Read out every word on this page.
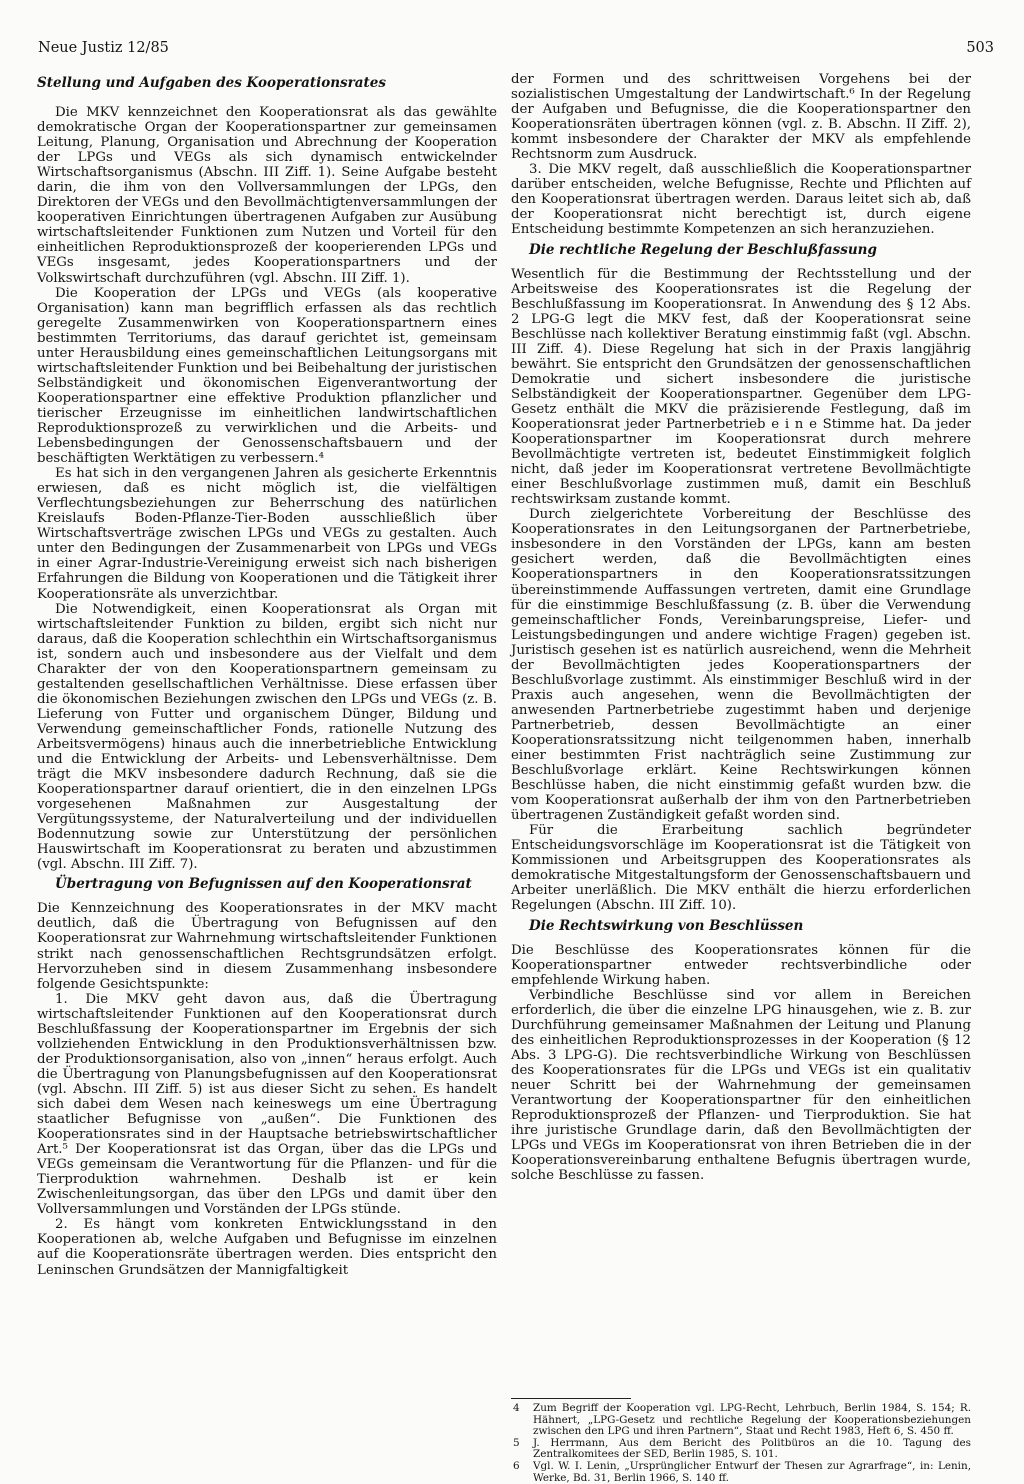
Neue Justiz 12/85	503
Stellung und Aufgaben des Kooperationsrates

Die MKV kennzeichnet den Kooperationsrat als das gewählte demokratische Organ der Kooperationspartner zur gemeinsamen Leitung, Planung, Organisation und Abrechnung der Kooperation der LPGs und VEGs als sich dynamisch entwickelnder Wirtschaftsorganismus (Abschn. III Ziff. 1). Seine Aufgabe besteht darin, die ihm von den Vollversammlungen der LPGs, den Direktoren der VEGs und den Bevollmächtigtenversammlungen der kooperativen Einrichtungen übertragenen Aufgaben zur Ausübung wirtschaftsleitender Funktionen zum Nutzen und Vorteil für den einheitlichen Reproduktionsprozeß der kooperierenden LPGs und VEGs insgesamt, jedes Kooperationspartners und der Volkswirtschaft durchzuführen (vgl. Abschn. III Ziff. 1).

Die Kooperation der LPGs und VEGs (als kooperative Organisation) kann man begrifflich erfassen als das rechtlich geregelte Zusammenwirken von Kooperationspartnern eines bestimmten Territoriums, das darauf gerichtet ist, gemeinsam unter Herausbildung eines gemeinschaftlichen Leitungsorgans mit wirtschaftsleitender Funktion und bei Beibehaltung der juristischen Selbständigkeit und ökonomischen Eigenverantwortung der Kooperationspartner eine effektive Produktion pflanzlicher und tierischer Erzeugnisse im einheitlichen landwirtschaftlichen Reproduktionsprozeß zu verwirklichen und die Arbeits- und Lebensbedingungen der Genossenschaftsbauern und der beschäftigten Werktätigen zu verbessern.⁴

Es hat sich in den vergangenen Jahren als gesicherte Erkenntnis erwiesen, daß es nicht möglich ist, die vielfältigen Verflechtungsbeziehungen zur Beherrschung des natürlichen Kreislaufs Boden-Pflanze-Tier-Boden ausschließlich über Wirtschaftsverträge zwischen LPGs und VEGs zu gestalten. Auch unter den Bedingungen der Zusammenarbeit von LPGs und VEGs in einer Agrar-Industrie-Vereinigung erweist sich nach bisherigen Erfahrungen die Bildung von Kooperationen und die Tätigkeit ihrer Kooperationsräte als unverzichtbar.

Die Notwendigkeit, einen Kooperationsrat als Organ mit wirtschaftsleitender Funktion zu bilden, ergibt sich nicht nur daraus, daß die Kooperation schlechthin ein Wirtschaftsorganismus ist, sondern auch und insbesondere aus der Vielfalt und dem Charakter der von den Kooperationspartnern gemeinsam zu gestaltenden gesellschaftlichen Verhältnisse. Diese erfassen über die ökonomischen Beziehungen zwischen den LPGs und VEGs (z. B. Lieferung von Futter und organischem Dünger, Bildung und Verwendung gemeinschaftlicher Fonds, rationelle Nutzung des Arbeitsvermögens) hinaus auch die innerbetriebliche Entwicklung und die Entwicklung der Arbeits- und Lebensverhältnisse. Dem trägt die MKV insbesondere dadurch Rechnung, daß sie die Kooperationspartner darauf orientiert, die in den einzelnen LPGs vorgesehenen Maßnahmen zur Ausgestaltung der Vergütungssysteme, der Naturalverteilung und der individuellen Bodennutzung sowie zur Unterstützung der persönlichen Hauswirtschaft im Kooperationsrat zu beraten und abzustimmen (vgl. Abschn. III Ziff. 7).

Übertragung von Befugnissen auf den Kooperationsrat

Die Kennzeichnung des Kooperationsrates in der MKV macht deutlich, daß die Übertragung von Befugnissen auf den Kooperationsrat zur Wahrnehmung wirtschaftsleitender Funktionen strikt nach genossenschaftlichen Rechtsgrundsätzen erfolgt. Hervorzuheben sind in diesem Zusammenhang insbesondere folgende Gesichtspunkte:

1. Die MKV geht davon aus, daß die Übertragung wirtschaftsleitender Funktionen auf den Kooperationsrat durch Beschlußfassung der Kooperationspartner im Ergebnis der sich vollziehenden Entwicklung in den Produktionsverhältnissen bzw. der Produktionsorganisation, also von „innen“ heraus erfolgt. Auch die Übertragung von Planungsbefugnissen auf den Kooperationsrat (vgl. Abschn. III Ziff. 5) ist aus dieser Sicht zu sehen. Es handelt sich dabei dem Wesen nach keineswegs um eine Übertragung staatlicher Befugnisse von „außen“. Die Funktionen des Kooperationsrates sind in der Hauptsache betriebswirtschaftlicher Art.⁵ Der Kooperationsrat ist das Organ, über das die LPGs und VEGs gemeinsam die Verantwortung für die Pflanzen- und für die Tierproduktion wahrnehmen. Deshalb ist er kein Zwischenleitungsorgan, das über den LPGs und damit über den Vollversammlungen und Vorständen der LPGs stünde.

2. Es hängt vom konkreten Entwicklungsstand in den Kooperationen ab, welche Aufgaben und Befugnisse im einzelnen auf die Kooperationsräte übertragen werden. Dies entspricht den Leninschen Grundsätzen der Mannigfaltigkeit

der Formen und des schrittweisen Vorgehens bei der sozialistischen Umgestaltung der Landwirtschaft.⁶ In der Regelung der Aufgaben und Befugnisse, die die Kooperationspartner den Kooperationsräten übertragen können (vgl. z. B. Abschn. II Ziff. 2), kommt insbesondere der Charakter der MKV als empfehlende Rechtsnorm zum Ausdruck.

3. Die MKV regelt, daß ausschließlich die Kooperationspartner darüber entscheiden, welche Befugnisse, Rechte und Pflichten auf den Kooperationsrat übertragen werden. Daraus leitet sich ab, daß der Kooperationsrat nicht berechtigt ist, durch eigene Entscheidung bestimmte Kompetenzen an sich heranzuziehen.

Die rechtliche Regelung der Beschlußfassung

Wesentlich für die Bestimmung der Rechtsstellung und der Arbeitsweise des Kooperationsrates ist die Regelung der Beschlußfassung im Kooperationsrat. In Anwendung des § 12 Abs. 2 LPG-G legt die MKV fest, daß der Kooperationsrat seine Beschlüsse nach kollektiver Beratung einstimmig faßt (vgl. Abschn. III Ziff. 4). Diese Regelung hat sich in der Praxis langjährig bewährt. Sie entspricht den Grundsätzen der genossenschaftlichen Demokratie und sichert insbesondere die juristische Selbständigkeit der Kooperationspartner. Gegenüber dem LPG-Gesetz enthält die MKV die präzisierende Festlegung, daß im Kooperationsrat jeder Partnerbetrieb e i n e Stimme hat. Da jeder Kooperationspartner im Kooperationsrat durch mehrere Bevollmächtigte vertreten ist, bedeutet Einstimmigkeit folglich nicht, daß jeder im Kooperationsrat vertretene Bevollmächtigte einer Beschlußvorlage zustimmen muß, damit ein Beschluß rechtswirksam zustande kommt.

Durch zielgerichtete Vorbereitung der Beschlüsse des Kooperationsrates in den Leitungsorganen der Partnerbetriebe, insbesondere in den Vorständen der LPGs, kann am besten gesichert werden, daß die Bevollmächtigten eines Kooperationspartners in den Kooperationsratssitzungen übereinstimmende Auffassungen vertreten, damit eine Grundlage für die einstimmige Beschlußfassung (z. B. über die Verwendung gemeinschaftlicher Fonds, Vereinbarungspreise, Liefer- und Leistungsbedingungen und andere wichtige Fragen) gegeben ist. Juristisch gesehen ist es natürlich ausreichend, wenn die Mehrheit der Bevollmächtigten jedes Kooperationspartners der Beschlußvorlage zustimmt. Als einstimmiger Beschluß wird in der Praxis auch angesehen, wenn die Bevollmächtigten der anwesenden Partnerbetriebe zugestimmt haben und derjenige Partnerbetrieb, dessen Bevollmächtigte an einer Kooperationsratssitzung nicht teilgenommen haben, innerhalb einer bestimmten Frist nachträglich seine Zustimmung zur Beschlußvorlage erklärt. Keine Rechtswirkungen können Beschlüsse haben, die nicht einstimmig gefaßt wurden bzw. die vom Kooperationsrat außerhalb der ihm von den Partnerbetrieben übertragenen Zuständigkeit gefaßt worden sind.

Für die Erarbeitung sachlich begründeter Entscheidungsvorschläge im Kooperationsrat ist die Tätigkeit von Kommissionen und Arbeitsgruppen des Kooperationsrates als demokratische Mitgestaltungsform der Genossenschaftsbauern und Arbeiter unerläßlich. Die MKV enthält die hierzu erforderlichen Regelungen (Abschn. III Ziff. 10).

Die Rechtswirkung von Beschlüssen

Die Beschlüsse des Kooperationsrates können für die Kooperationspartner entweder rechtsverbindliche oder empfehlende Wirkung haben.

Verbindliche Beschlüsse sind vor allem in Bereichen erforderlich, die über die einzelne LPG hinausgehen, wie z. B. zur Durchführung gemeinsamer Maßnahmen der Leitung und Planung des einheitlichen Reproduktionsprozesses in der Kooperation (§ 12 Abs. 3 LPG-G). Die rechtsverbindliche Wirkung von Beschlüssen des Kooperationsrates für die LPGs und VEGs ist ein qualitativ neuer Schritt bei der Wahrnehmung der gemeinsamen Verantwortung der Kooperationspartner für den einheitlichen Reproduktionsprozeß der Pflanzen- und Tierproduktion. Sie hat ihre juristische Grundlage darin, daß den Bevollmächtigten der LPGs und VEGs im Kooperationsrat von ihren Betrieben die in der Kooperationsvereinbarung enthaltene Befugnis übertragen wurde, solche Beschlüsse zu fassen.

4	Zum Begriff der Kooperation vgl. LPG-Recht, Lehrbuch, Berlin 1984, S. 154; R. Hähnert, „LPG-Gesetz und rechtliche Regelung der Kooperationsbeziehungen zwischen den LPG und ihren Partnern“, Staat und Recht 1983, Heft 6, S. 450 ff.
5	J. Herrmann, Aus dem Bericht des Politbüros an die 10. Tagung des Zentralkomitees der SED, Berlin 1985, S. 101.
6	Vgl. W. I. Lenin, „Ursprünglicher Entwurf der Thesen zur Agrarfrage“, in: Lenin, Werke, Bd. 31, Berlin 1966, S. 140 ff.
